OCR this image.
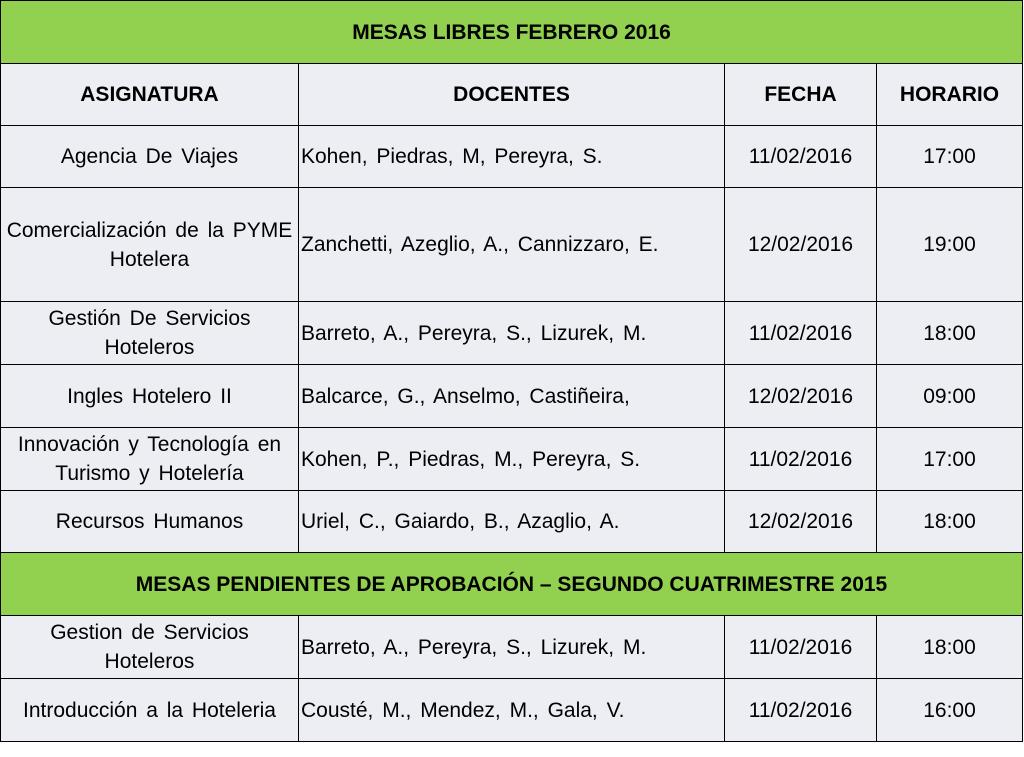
MESAS LIBRES FEBRERO 2016			
ASIGNATURA	DOCENTES	FECHA	HORARIO
Agencia De Viajes	Kohen, Piedras, M, Pereyra, S.	11/02/2016	17:00
Comercialización de la PYME Hotelera	Zanchetti, Azeglio, A., Cannizzaro, E.	12/02/2016	19:00
Gestión De Servicios Hoteleros	Barreto, A., Pereyra, S., Lizurek, M.	11/02/2016	18:00
Ingles Hotelero II	Balcarce, G., Anselmo, Castiñeira,	12/02/2016	09:00
Innovación y Tecnología en Turismo y Hotelería	Kohen, P., Piedras, M., Pereyra, S.	11/02/2016	17:00
Recursos Humanos	Uriel, C., Gaiardo, B., Azaglio, A.	12/02/2016	18:00
MESAS PENDIENTES DE APROBACIÓN – SEGUNDO CUATRIMESTRE 2015			
Gestion de Servicios Hoteleros	Barreto, A., Pereyra, S., Lizurek, M.	11/02/2016	18:00
Introducción a la Hoteleria	Cousté, M., Mendez, M., Gala, V.	11/02/2016	16:00
